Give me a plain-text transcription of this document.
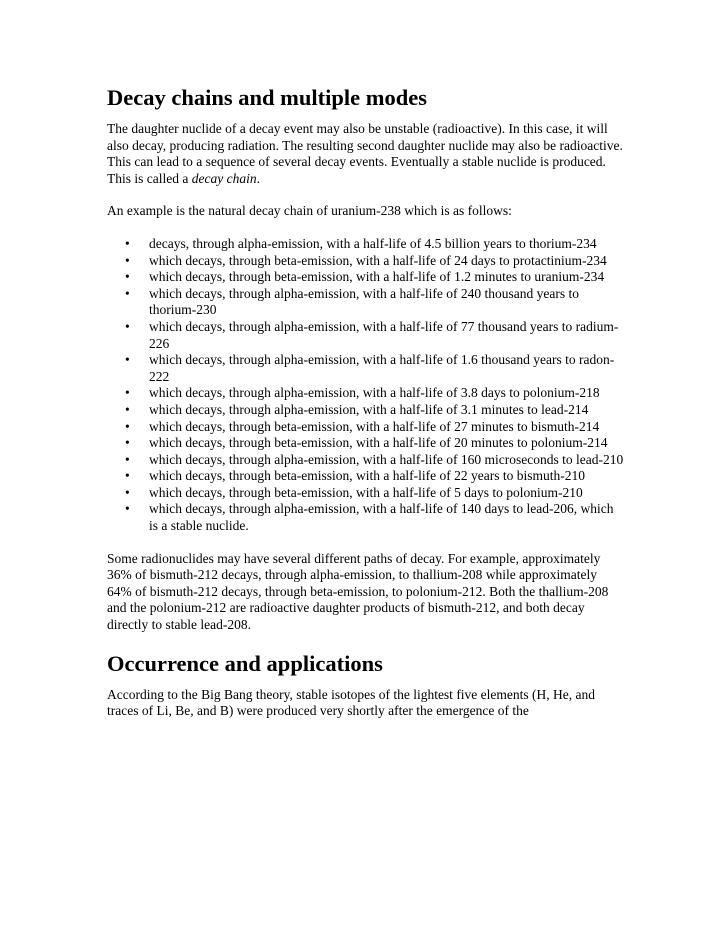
Decay chains and multiple modes

The daughter nuclide of a decay event may also be unstable (radioactive). In this case, it will also decay, producing radiation. The resulting second daughter nuclide may also be radioactive. This can lead to a sequence of several decay events. Eventually a stable nuclide is produced. This is called a decay chain.

An example is the natural decay chain of uranium-238 which is as follows:

• decays, through alpha-emission, with a half-life of 4.5 billion years to thorium-234
• which decays, through beta-emission, with a half-life of 24 days to protactinium-234
• which decays, through beta-emission, with a half-life of 1.2 minutes to uranium-234
• which decays, through alpha-emission, with a half-life of 240 thousand years to thorium-230
• which decays, through alpha-emission, with a half-life of 77 thousand years to radium-226
• which decays, through alpha-emission, with a half-life of 1.6 thousand years to radon-222
• which decays, through alpha-emission, with a half-life of 3.8 days to polonium-218
• which decays, through alpha-emission, with a half-life of 3.1 minutes to lead-214
• which decays, through beta-emission, with a half-life of 27 minutes to bismuth-214
• which decays, through beta-emission, with a half-life of 20 minutes to polonium-214
• which decays, through alpha-emission, with a half-life of 160 microseconds to lead-210
• which decays, through beta-emission, with a half-life of 22 years to bismuth-210
• which decays, through beta-emission, with a half-life of 5 days to polonium-210
• which decays, through alpha-emission, with a half-life of 140 days to lead-206, which is a stable nuclide.

Some radionuclides may have several different paths of decay. For example, approximately 36% of bismuth-212 decays, through alpha-emission, to thallium-208 while approximately 64% of bismuth-212 decays, through beta-emission, to polonium-212. Both the thallium-208 and the polonium-212 are radioactive daughter products of bismuth-212, and both decay directly to stable lead-208.

Occurrence and applications

According to the Big Bang theory, stable isotopes of the lightest five elements (H, He, and traces of Li, Be, and B) were produced very shortly after the emergence of the
